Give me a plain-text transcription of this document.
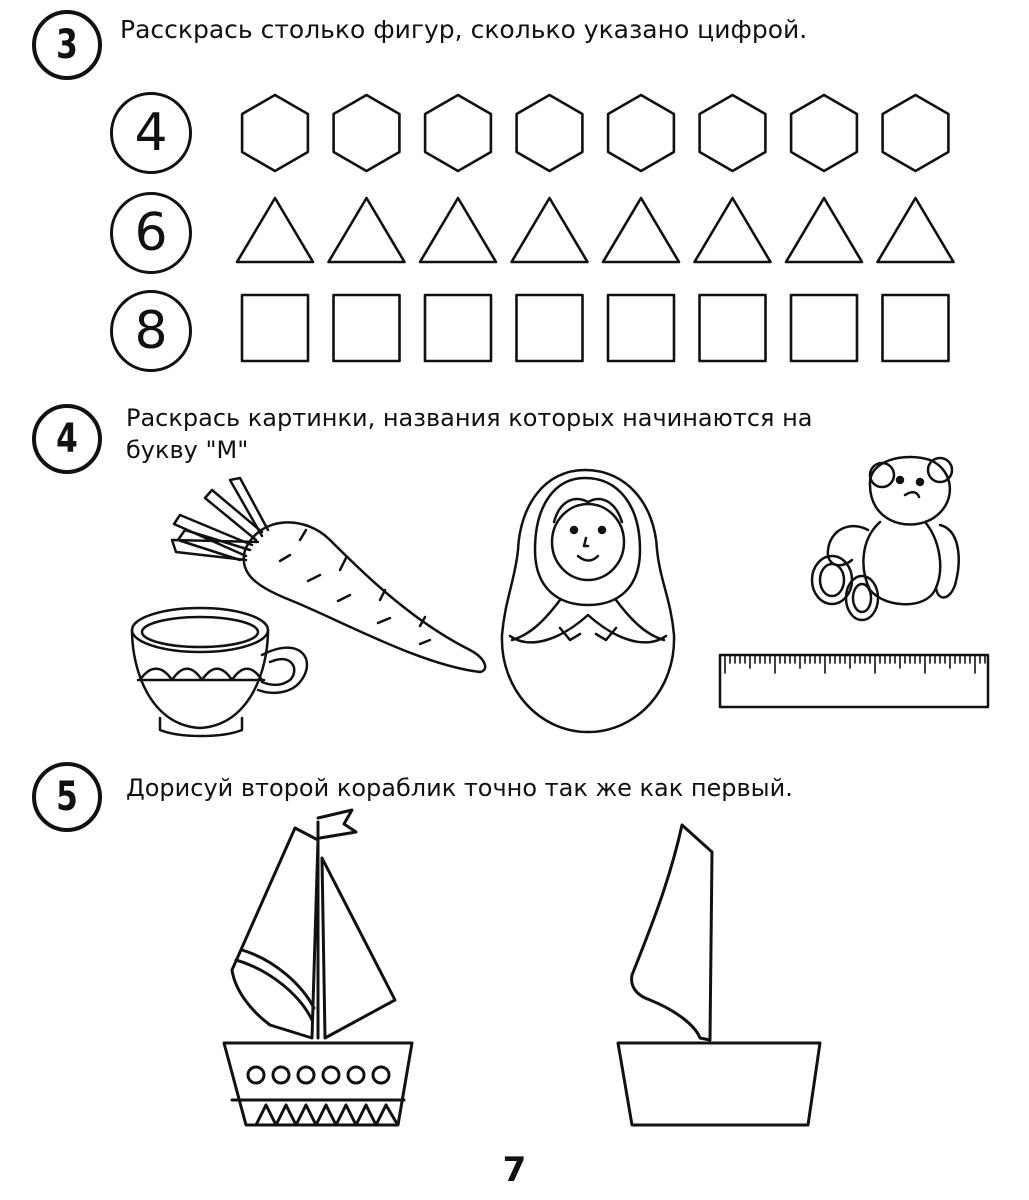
3 Расскрась столько фигур, сколько указано цифрой.
4
6
8
4 Раскрась картинки, названия которых начинаются на
букву "М"
5 Дорисуй второй кораблик точно так же как первый.
7
